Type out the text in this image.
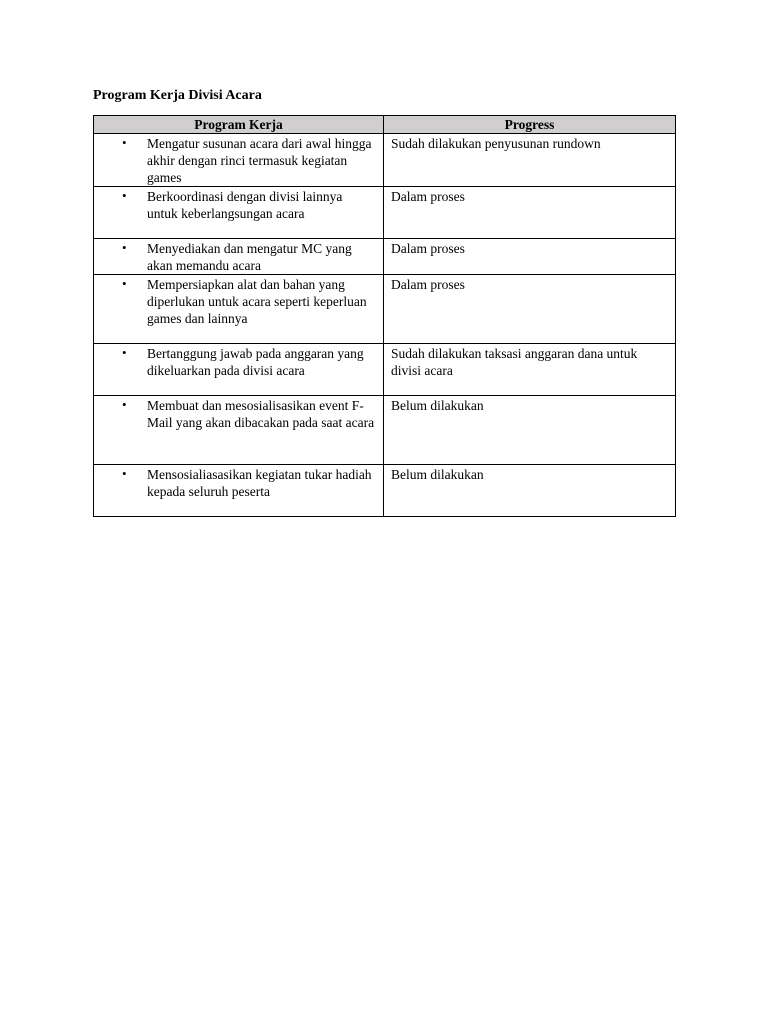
Program Kerja Divisi Acara
Program Kerja	Progress

• Mengatur susunan acara dari awal hingga akhir dengan rinci termasuk kegiatan games	Sudah dilakukan penyusunan rundown

• Berkoordinasi dengan divisi lainnya untuk keberlangsungan acara	Dalam proses

• Menyediakan dan mengatur MC yang akan memandu acara	Dalam proses

• Mempersiapkan alat dan bahan yang diperlukan untuk acara seperti keperluan games dan lainnya	Dalam proses

• Bertanggung jawab pada anggaran yang dikeluarkan pada divisi acara	Sudah dilakukan taksasi anggaran dana untuk divisi acara

• Membuat dan mesosialisasikan event F-Mail yang akan dibacakan pada saat acara	Belum dilakukan

• Mensosialiasasikan kegiatan tukar hadiah kepada seluruh peserta	Belum dilakukan
